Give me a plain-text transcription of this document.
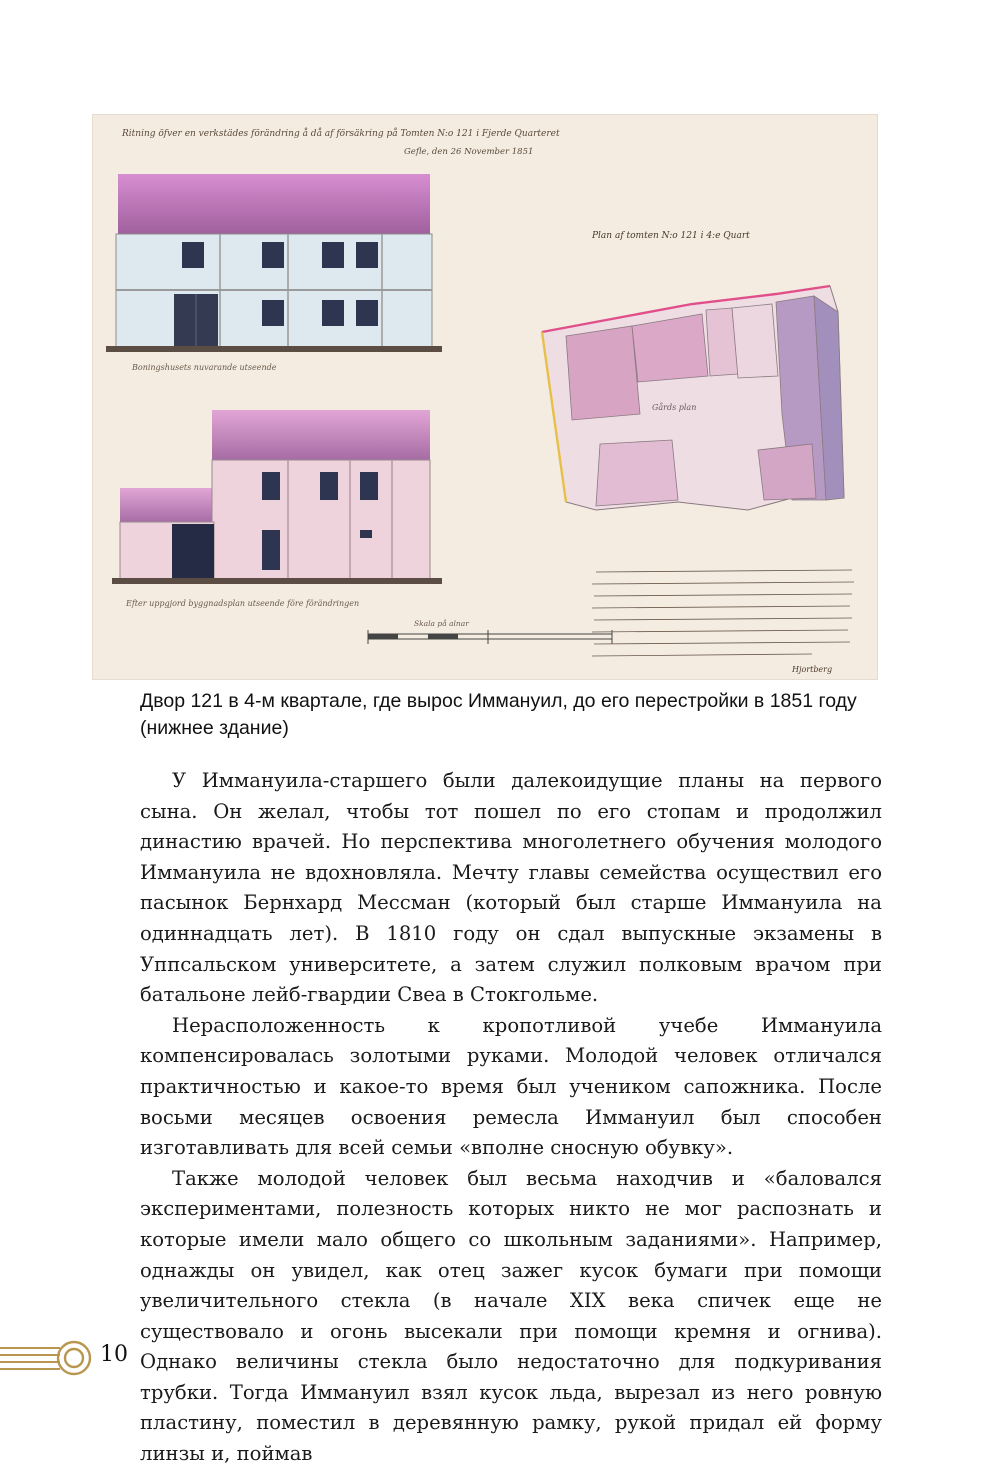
Ritning öfver en verkstädes förändring å då af försäkring på Tomten N:o 121 i Fjerde Quarteret
Gefle, den 26 November 1851
Boningshusets nuvarande utseende
Efter uppgjord byggnadsplan utseende före förändringen
Skala på alnar
Plan af tomten N:o 121 i 4:e Quart
Gårds plan
Hjortberg
Двор 121 в 4-м квартале, где вырос Иммануил, до его перестройки в 1851 году (нижнее здание)

У Иммануила-старшего были далекоидущие планы на первого сына. Он желал, чтобы тот пошел по его стопам и продолжил династию врачей. Но перспектива многолетнего обучения молодого Иммануила не вдохновляла. Мечту главы семейства осуществил его пасынок Бернхард Мессман (который был старше Иммануила на одиннадцать лет). В 1810 году он сдал выпускные экзамены в Уппсальском университете, а затем служил полковым врачом при батальоне лейб-гвардии Свеа в Стокгольме.

Нерасположенность к кропотливой учебе Иммануила компенсировалась золотыми руками. Молодой человек отличался практичностью и какое-то время был учеником сапожника. После восьми месяцев освоения ремесла Иммануил был способен изготавливать для всей семьи «вполне сносную обувку».

Также молодой человек был весьма находчив и «баловался экспериментами, полезность которых никто не мог распознать и которые имели мало общего со школьным заданиями». Например, однажды он увидел, как отец зажег кусок бумаги при помощи увеличительного стекла (в начале XIX века спичек еще не существовало и огонь высекали при помощи кремня и огнива). Однако величины стекла было недостаточно для подкуривания трубки. Тогда Иммануил взял кусок льда, вырезал из него ровную пластину, поместил в деревянную рамку, рукой придал ей форму линзы и, поймав

10
